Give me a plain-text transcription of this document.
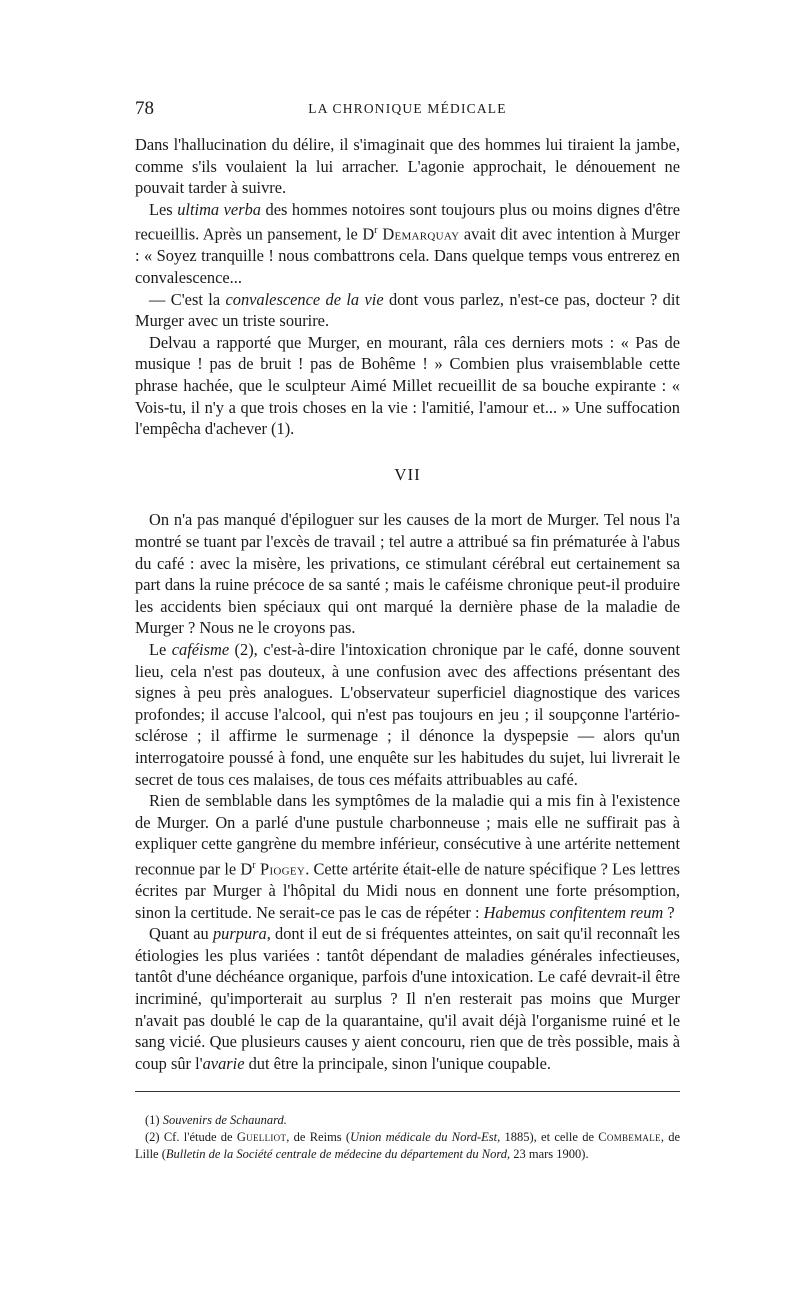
78	LA CHRONIQUE MÉDICALE

Dans l'hallucination du délire, il s'imaginait que des hommes lui tiraient la jambe, comme s'ils voulaient la lui arracher. L'agonie approchait, le dénouement ne pouvait tarder à suivre.

Les ultima verba des hommes notoires sont toujours plus ou moins dignes d'être recueillis. Après un pansement, le $D^r$ Demarquay avait dit avec intention à Murger : « Soyez tranquille ! nous combattrons cela. Dans quelque temps vous entrerez en convalescence...

— C'est la convalescence de la vie dont vous parlez, n'est-ce pas, docteur ? dit Murger avec un triste sourire.

Delvau a rapporté que Murger, en mourant, râla ces derniers mots : « Pas de musique ! pas de bruit ! pas de Bohême ! » Combien plus vraisemblable cette phrase hachée, que le sculpteur Aimé Millet recueillit de sa bouche expirante : « Vois-tu, il n'y a que trois choses en la vie : l'amitié, l'amour et... » Une suffocation l'empêcha d'achever (1).

VII

On n'a pas manqué d'épiloguer sur les causes de la mort de Murger. Tel nous l'a montré se tuant par l'excès de travail ; tel autre a attribué sa fin prématurée à l'abus du café : avec la misère, les privations, ce stimulant cérébral eut certainement sa part dans la ruine précoce de sa santé ; mais le caféisme chronique peut-il produire les accidents bien spéciaux qui ont marqué la dernière phase de la maladie de Murger ? Nous ne le croyons pas.

Le caféisme (2), c'est-à-dire l'intoxication chronique par le café, donne souvent lieu, cela n'est pas douteux, à une confusion avec des affections présentant des signes à peu près analogues. L'observateur superficiel diagnostique des varices profondes; il accuse l'alcool, qui n'est pas toujours en jeu ; il soupçonne l'artério-sclérose ; il affirme le surmenage ; il dénonce la dyspepsie — alors qu'un interrogatoire poussé à fond, une enquête sur les habitudes du sujet, lui livrerait le secret de tous ces malaises, de tous ces méfaits attribuables au café.

Rien de semblable dans les symptômes de la maladie qui a mis fin à l'existence de Murger. On a parlé d'une pustule charbonneuse ; mais elle ne suffirait pas à expliquer cette gangrène du membre inférieur, consécutive à une artérite nettement reconnue par le $D^r$ Piogey. Cette artérite était-elle de nature spécifique ? Les lettres écrites par Murger à l'hôpital du Midi nous en donnent une forte présomption, sinon la certitude. Ne serait-ce pas le cas de répéter : Habemus confitentem reum ?

Quant au purpura, dont il eut de si fréquentes atteintes, on sait qu'il reconnaît les étiologies les plus variées : tantôt dépendant de maladies générales infectieuses, tantôt d'une déchéance organique, parfois d'une intoxication. Le café devrait-il être incriminé, qu'importerait au surplus ? Il n'en resterait pas moins que Murger n'avait pas doublé le cap de la quarantaine, qu'il avait déjà l'organisme ruiné et le sang vicié. Que plusieurs causes y aient concouru, rien que de très possible, mais à coup sûr l'avarie dut être la principale, sinon l'unique coupable.

(1) Souvenirs de Schaunard.

(2) Cf. l'étude de Guelliot, de Reims (Union médicale du Nord-Est, 1885), et celle de Combemale, de Lille (Bulletin de la Société centrale de médecine du département du Nord, 23 mars 1900).
